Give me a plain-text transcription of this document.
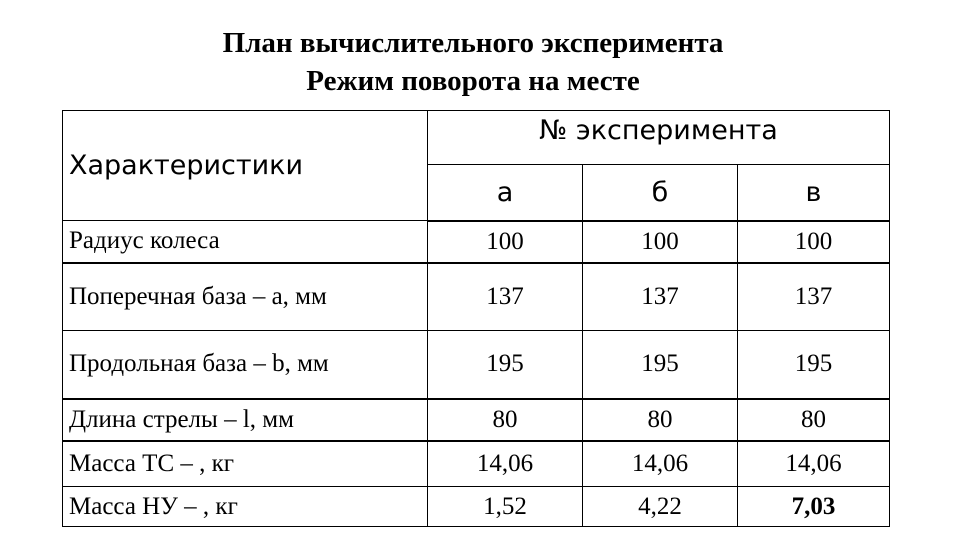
План вычислительного эксперимента
Режим поворота на месте
Характеристики	№ эксперимента		
	а	б	в
Радиус колеса	100	100	100
Поперечная база – a, мм	137	137	137
Продольная база – b, мм	195	195	195
Длина стрелы – l, мм	80	80	80
Масса ТС – , кг	14,06	14,06	14,06
Масса НУ – , кг	1,52	4,22	7,03
